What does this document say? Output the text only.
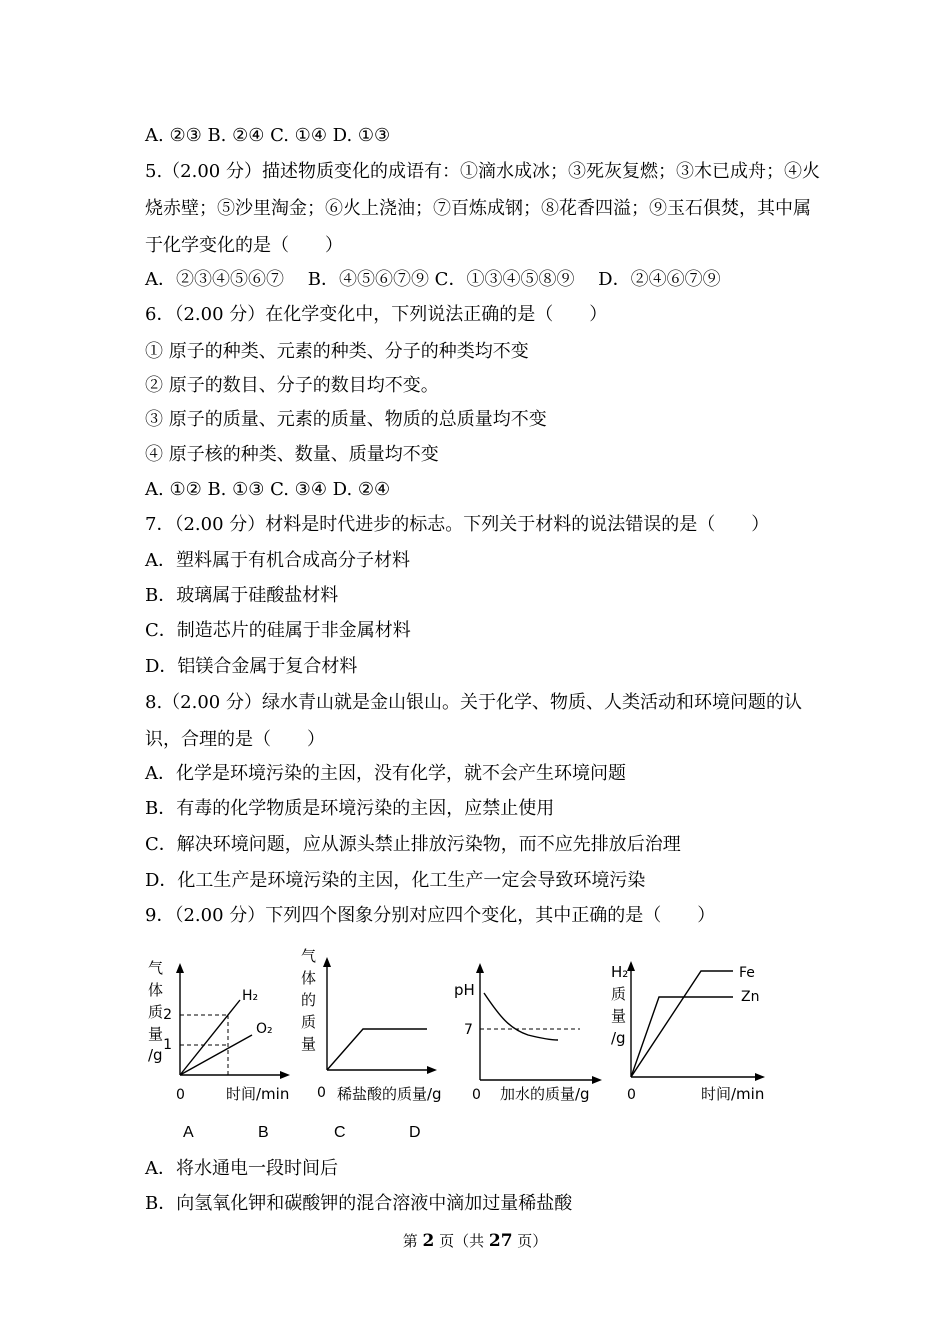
A. ②③ B. ②④ C. ①④ D. ①③
5.（2.00 分）描述物质变化的成语有：①滴水成冰；③死灰复燃；③木已成舟；④火
烧赤壁；⑤沙里淘金；⑥火上浇油；⑦百炼成钢；⑧花香四溢；⑨玉石俱焚，其中属
于化学变化的是（　　）
A．②③④⑤⑥⑦　 B．④⑤⑥⑦⑨ C．①③④⑤⑧⑨　 D．②④⑥⑦⑨
6．（2.00 分）在化学变化中，下列说法正确的是（　　）
① 原子的种类、元素的种类、分子的种类均不变
② 原子的数目、分子的数目均不变。
③ 原子的质量、元素的质量、物质的总质量均不变
④ 原子核的种类、数量、质量均不变
A. ①② B. ①③ C. ③④ D. ②④
7．（2.00 分）材料是时代进步的标志。下列关于材料的说法错误的是（　　）
A．塑料属于有机合成高分子材料
B．玻璃属于硅酸盐材料
C．制造芯片的硅属于非金属材料
D．铝镁合金属于复合材料
8.（2.00 分）绿水青山就是金山银山。关于化学、物质、人类活动和环境问题的认
识，合理的是（　　）
A．化学是环境污染的主因，没有化学，就不会产生环境问题
B．有毒的化学物质是环境污染的主因，应禁止使用
C．解决环境问题，应从源头禁止排放污染物，而不应先排放后治理
D．化工生产是环境污染的主因，化工生产一定会导致环境污染
9．（2.00 分）下列四个图象分别对应四个变化，其中正确的是（　　）
气
体
质
量
/g
2
1
H₂
O₂
0	时间/min
气
体
的
质
量
0 稀盐酸的质量/g
pH
7
0 加水的质量/g
H₂
质
量
/g
Fe
Zn
0	时间/min
A	B	C	D
A．将水通电一段时间后
B．向氢氧化钾和碳酸钾的混合溶液中滴加过量稀盐酸
第 2 页（共 27 页）
